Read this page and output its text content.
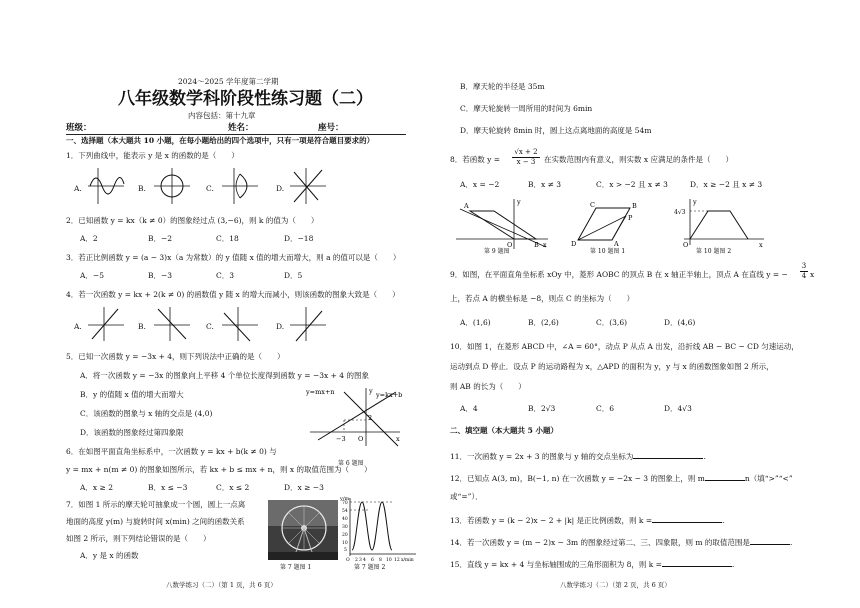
2024～2025 学年度第二学期
八年级数学科阶段性练习题（二）
内容包括：第十九章
班级：	姓名：	座号：
一、选择题（本大题共 10 小题，在每小题给出的四个选项中，只有一项是符合题目要求的）
1．下列曲线中，能表示 y 是 x 的函数的是（　　）
A.	B.	C.	D.
2．已知函数 y = kx（k ≠ 0）的图象经过点 (3,−6)，则 k 的值为（　　）
A．2	B．−2	C．18	D．−18
3．若正比例函数 y = (a − 3)x（a 为常数）的 y 值随 x 值的增大而增大，则 a 的值可以是（　　）
A．−5	B．−3	C．3	D．5
4．若一次函数 y = kx + 2(k ≠ 0) 的函数值 y 随 x 的增大而减小，则该函数的图象大致是（　　）
A.	B.	C.	D.
5．已知一次函数 y = −3x + 4，则下列说法中正确的是（　　）
A．将一次函数 y = −3x 的图象向上平移 4 个单位长度得到函数 y = −3x + 4 的图象
B．y 的值随 x 值的增大而增大
C．该函数的图象与 x 轴的交点是 (4,0)
D．该函数的图象经过第四象限
y=mx+n	y=kx+b
2
−3 O	x
y
第 6 题图
6．在如图平面直角坐标系中，一次函数 y = kx + b(k ≠ 0) 与
y = mx + n(m ≠ 0) 的图象如图所示，若 kx + b ≤ mx + n，则 x 的取值范围为（　　）
A．x ≥ 2	B．x ≤ −3	C．x ≤ 2	D．x ≥ −3
7．如图 1 所示的摩天轮可抽象成一个圆，圆上一点离
地面的高度 y(m) 与旋转时间 x(min) 之间的函数关系
如图 2 所示，则下列结论错误的是（　　）
A．y 是 x 的函数
第 7 题图 1
y/m
70
54
40
30
20
10
5
O 2 3 4 6 8 10 12 x/min
第 7 题图 2
八数学练习（二）（第 1 页，共 6 页）
B．摩天轮的半径是 35m
C．摩天轮旋转一周所用的时间为 6min
D．摩天轮旋转 8min 时，圆上这点离地面的高度是 54m
8．若函数 $y = \frac{√x + 2}{x - 3}$ 在实数范围内有意义，则实数 x 应满足的条件是（　　）
A．x = −2	B．x ≠ 3	C．x > −2 且 x ≠ 3	D．x ≥ −2 且 x ≠ 3
A
B
O	x
y
第 9 题图
C	B
P
D	A
第 10 题图 1
y
O	x
4√3
第 10 题图 2
9．如图，在平面直角坐标系 xOy 中，菱形 AOBC 的顶点 B 在 x 轴正半轴上，顶点 A 在直线 y = − $\frac{3}{4}$ x
上，若点 A 的横坐标是 −8，则点 C 的坐标为（　　）
A．(1,6)	B．(2,6)	C．(3,6)	D．(4,6)
10．如图 1，在菱形 ABCD 中，∠A = 60°，动点 P 从点 A 出发，沿折线 AB − BC − CD 匀速运动，
运动到点 D 停止．设点 P 的运动路程为 x，△APD 的面积为 y，y 与 x 的函数图象如图 2 所示，
则 AB 的长为（　　）
A．4	B．2√3	C．6	D．4√3
二、填空题（本大题共 5 小题）
11．一次函数 y = 2x + 3 的图象与 y 轴的交点坐标为	.
12．已知点 A(3, m)，B(−1, n) 在一次函数 y = −2x − 3 的图象上，则 m	n（填“>”“<”
或“=”）．
13．若函数 y = (k − 2)x − 2 + |k| 是正比例函数，则 k =	.
14．若一次函数 y = (m − 2)x − 3m 的图象经过第二、三、四象限，则 m 的取值范围是	.
15．直线 y = kx + 4 与坐标轴围成的三角形面积为 8，则 k =	.
八数学练习（二）（第 2 页，共 6 页）
